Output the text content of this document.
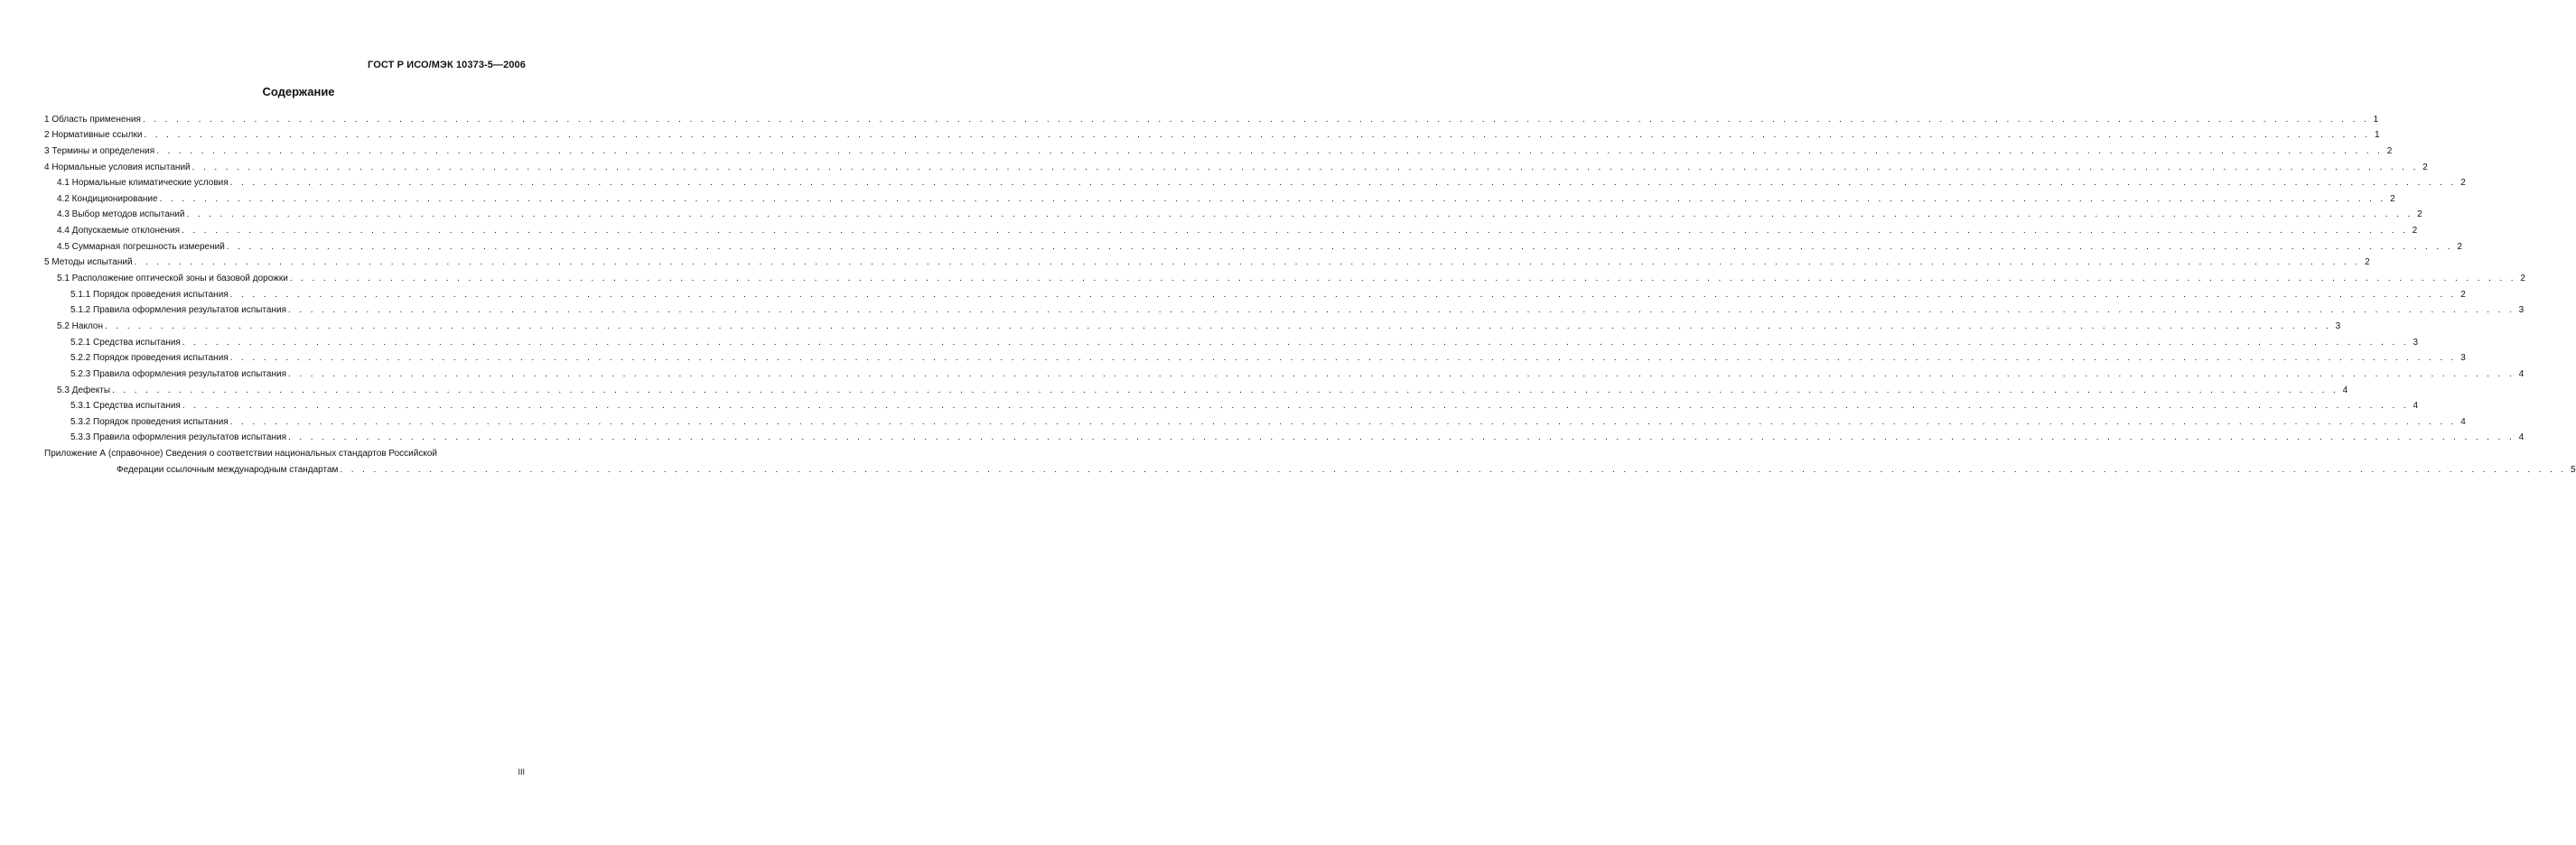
ГОСТ Р ИСО/МЭК 10373-5—2006
Содержание
1 Область применения . . . . . . . . . . . . . . . . . . . . . . . . . . . . . . . . . . . . . . . . . . . . . . . . . . . . . . . . . . . . . . . . . . . . . . . . . . . . . . . . . . . . . . . . . . . . . . . . . . . . . . . . . . . . . . . . . . . . . . . . . . . . . . . . . . . . . . . . . . . . . . . . . . . . . . . . . . . . . . . . . . . . . . . . . . . . . . . . . . . . . . . . . . . . . . . . . . . . . . . . 1
2 Нормативные ссылки . . . . . . . . . . . . . . . . . . . . . . . . . . . . . . . . . . . . . . . . . . . . . . . . . . . . . . . . . . . . . . . . . . . . . . . . . . . . . . . . . . . . . . . . . . . . . . . . . . . . . . . . . . . . . . . . . . . . . . . . . . . . . . . . . . . . . . . . . . . . . . . . . . . . . . . . . . . . . . . . . . . . . . . . . . . . . . . . . . . . . . . . . . . . . . . . . . . . . . . . 1
3 Термины и определения . . . . . . . . . . . . . . . . . . . . . . . . . . . . . . . . . . . . . . . . . . . . . . . . . . . . . . . . . . . . . . . . . . . . . . . . . . . . . . . . . . . . . . . . . . . . . . . . . . . . . . . . . . . . . . . . . . . . . . . . . . . . . . . . . . . . . . . . . . . . . . . . . . . . . . . . . . . . . . . . . . . . . . . . . . . . . . . . . . . . . . . . . . . . . . . . . . . . . . . . 2
4 Нормальные условия испытаний . . . . . . . . . . . . . . . . . . . . . . . . . . . . . . . . . . . . . . . . . . . . . . . . . . . . . . . . . . . . . . . . . . . . . . . . . . . . . . . . . . . . . . . . . . . . . . . . . . . . . . . . . . . . . . . . . . . . . . . . . . . . . . . . . . . . . . . . . . . . . . . . . . . . . . . . . . . . . . . . . . . . . . . . . . . . . . . . . . . . . . . . . . . . . . . . . . . . . . . . 2
4.1 Нормальные климатические условия . . . . . . . . . . . . . . . . . . . . . . . . . . . . . . . . . . . . . . . . . . . . . . . . . . . . . . . . . . . . . . . . . . . . . . . . . . . . . . . . . . . . . . . . . . . . . . . . . . . . . . . . . . . . . . . . . . . . . . . . . . . . . . . . . . . . . . . . . . . . . . . . . . . . . . . . . . . . . . . . . . . . . . . . . . . . . . . . . . . . . . . . . . . . . . . . . . . . . . . . 2
4.2 Кондиционирование . . . . . . . . . . . . . . . . . . . . . . . . . . . . . . . . . . . . . . . . . . . . . . . . . . . . . . . . . . . . . . . . . . . . . . . . . . . . . . . . . . . . . . . . . . . . . . . . . . . . . . . . . . . . . . . . . . . . . . . . . . . . . . . . . . . . . . . . . . . . . . . . . . . . . . . . . . . . . . . . . . . . . . . . . . . . . . . . . . . . . . . . . . . . . . . . . . . . . . . . 2
4.3 Выбор методов испытаний . . . . . . . . . . . . . . . . . . . . . . . . . . . . . . . . . . . . . . . . . . . . . . . . . . . . . . . . . . . . . . . . . . . . . . . . . . . . . . . . . . . . . . . . . . . . . . . . . . . . . . . . . . . . . . . . . . . . . . . . . . . . . . . . . . . . . . . . . . . . . . . . . . . . . . . . . . . . . . . . . . . . . . . . . . . . . . . . . . . . . . . . . . . . . . . . . . . . . . . . 2
4.4 Допускаемые отклонения . . . . . . . . . . . . . . . . . . . . . . . . . . . . . . . . . . . . . . . . . . . . . . . . . . . . . . . . . . . . . . . . . . . . . . . . . . . . . . . . . . . . . . . . . . . . . . . . . . . . . . . . . . . . . . . . . . . . . . . . . . . . . . . . . . . . . . . . . . . . . . . . . . . . . . . . . . . . . . . . . . . . . . . . . . . . . . . . . . . . . . . . . . . . . . . . . . . . . . . . 2
4.5 Суммарная погрешность измерений . . . . . . . . . . . . . . . . . . . . . . . . . . . . . . . . . . . . . . . . . . . . . . . . . . . . . . . . . . . . . . . . . . . . . . . . . . . . . . . . . . . . . . . . . . . . . . . . . . . . . . . . . . . . . . . . . . . . . . . . . . . . . . . . . . . . . . . . . . . . . . . . . . . . . . . . . . . . . . . . . . . . . . . . . . . . . . . . . . . . . . . . . . . . . . . . . . . . . . . . 2
5 Методы испытаний . . . . . . . . . . . . . . . . . . . . . . . . . . . . . . . . . . . . . . . . . . . . . . . . . . . . . . . . . . . . . . . . . . . . . . . . . . . . . . . . . . . . . . . . . . . . . . . . . . . . . . . . . . . . . . . . . . . . . . . . . . . . . . . . . . . . . . . . . . . . . . . . . . . . . . . . . . . . . . . . . . . . . . . . . . . . . . . . . . . . . . . . . . . . . . . . . . . . . . . . 2
5.1 Расположение оптической зоны и базовой дорожки . . . . . . . . . . . . . . . . . . . . . . . . . . . . . . . . . . . . . . . . . . . . . . . . . . . . . . . . . . . . . . . . . . . . . . . . . . . . . . . . . . . . . . . . . . . . . . . . . . . . . . . . . . . . . . . . . . . . . . . . . . . . . . . . . . . . . . . . . . . . . . . . . . . . . . . . . . . . . . . . . . . . . . . . . . . . . . . . . . . . . . . . . . . . . . . . . . . . . . . . 2
5.1.1 Порядок проведения испытания . . . . . . . . . . . . . . . . . . . . . . . . . . . . . . . . . . . . . . . . . . . . . . . . . . . . . . . . . . . . . . . . . . . . . . . . . . . . . . . . . . . . . . . . . . . . . . . . . . . . . . . . . . . . . . . . . . . . . . . . . . . . . . . . . . . . . . . . . . . . . . . . . . . . . . . . . . . . . . . . . . . . . . . . . . . . . . . . . . . . . . . . . . . . . . . . . . . . . . . . 2
5.1.2 Правила оформления результатов испытания . . . . . . . . . . . . . . . . . . . . . . . . . . . . . . . . . . . . . . . . . . . . . . . . . . . . . . . . . . . . . . . . . . . . . . . . . . . . . . . . . . . . . . . . . . . . . . . . . . . . . . . . . . . . . . . . . . . . . . . . . . . . . . . . . . . . . . . . . . . . . . . . . . . . . . . . . . . . . . . . . . . . . . . . . . . . . . . . . . . . . . . . . . . . . . . . . . . . . . . . 3
5.2 Наклон . . . . . . . . . . . . . . . . . . . . . . . . . . . . . . . . . . . . . . . . . . . . . . . . . . . . . . . . . . . . . . . . . . . . . . . . . . . . . . . . . . . . . . . . . . . . . . . . . . . . . . . . . . . . . . . . . . . . . . . . . . . . . . . . . . . . . . . . . . . . . . . . . . . . . . . . . . . . . . . . . . . . . . . . . . . . . . . . . . . . . . . . . . . . . . . . . . . . . . . . 3
5.2.1 Средства испытания . . . . . . . . . . . . . . . . . . . . . . . . . . . . . . . . . . . . . . . . . . . . . . . . . . . . . . . . . . . . . . . . . . . . . . . . . . . . . . . . . . . . . . . . . . . . . . . . . . . . . . . . . . . . . . . . . . . . . . . . . . . . . . . . . . . . . . . . . . . . . . . . . . . . . . . . . . . . . . . . . . . . . . . . . . . . . . . . . . . . . . . . . . . . . . . . . . . . . . . . 3
5.2.2 Порядок проведения испытания . . . . . . . . . . . . . . . . . . . . . . . . . . . . . . . . . . . . . . . . . . . . . . . . . . . . . . . . . . . . . . . . . . . . . . . . . . . . . . . . . . . . . . . . . . . . . . . . . . . . . . . . . . . . . . . . . . . . . . . . . . . . . . . . . . . . . . . . . . . . . . . . . . . . . . . . . . . . . . . . . . . . . . . . . . . . . . . . . . . . . . . . . . . . . . . . . . . . . . . . 3
5.2.3 Правила оформления результатов испытания . . . . . . . . . . . . . . . . . . . . . . . . . . . . . . . . . . . . . . . . . . . . . . . . . . . . . . . . . . . . . . . . . . . . . . . . . . . . . . . . . . . . . . . . . . . . . . . . . . . . . . . . . . . . . . . . . . . . . . . . . . . . . . . . . . . . . . . . . . . . . . . . . . . . . . . . . . . . . . . . . . . . . . . . . . . . . . . . . . . . . . . . . . . . . . . . . . . . . . . . 4
5.3 Дефекты . . . . . . . . . . . . . . . . . . . . . . . . . . . . . . . . . . . . . . . . . . . . . . . . . . . . . . . . . . . . . . . . . . . . . . . . . . . . . . . . . . . . . . . . . . . . . . . . . . . . . . . . . . . . . . . . . . . . . . . . . . . . . . . . . . . . . . . . . . . . . . . . . . . . . . . . . . . . . . . . . . . . . . . . . . . . . . . . . . . . . . . . . . . . . . . . . . . . . . . . 4
5.3.1 Средства испытания . . . . . . . . . . . . . . . . . . . . . . . . . . . . . . . . . . . . . . . . . . . . . . . . . . . . . . . . . . . . . . . . . . . . . . . . . . . . . . . . . . . . . . . . . . . . . . . . . . . . . . . . . . . . . . . . . . . . . . . . . . . . . . . . . . . . . . . . . . . . . . . . . . . . . . . . . . . . . . . . . . . . . . . . . . . . . . . . . . . . . . . . . . . . . . . . . . . . . . . . 4
5.3.2 Порядок проведения испытания . . . . . . . . . . . . . . . . . . . . . . . . . . . . . . . . . . . . . . . . . . . . . . . . . . . . . . . . . . . . . . . . . . . . . . . . . . . . . . . . . . . . . . . . . . . . . . . . . . . . . . . . . . . . . . . . . . . . . . . . . . . . . . . . . . . . . . . . . . . . . . . . . . . . . . . . . . . . . . . . . . . . . . . . . . . . . . . . . . . . . . . . . . . . . . . . . . . . . . . . 4
5.3.3 Правила оформления результатов испытания . . . . . . . . . . . . . . . . . . . . . . . . . . . . . . . . . . . . . . . . . . . . . . . . . . . . . . . . . . . . . . . . . . . . . . . . . . . . . . . . . . . . . . . . . . . . . . . . . . . . . . . . . . . . . . . . . . . . . . . . . . . . . . . . . . . . . . . . . . . . . . . . . . . . . . . . . . . . . . . . . . . . . . . . . . . . . . . . . . . . . . . . . . . . . . . . . . . . . . . . 4
Приложение А (справочное) Сведения о соответствии национальных стандартов Российской
Федерации ссылочным международным стандартам . . . . . . . . . . . . . . . . . . . . . . . . . . . . . . . . . . . . . . . . . . . . . . . . . . . . . . . . . . . . . . . . . . . . . . . . . . . . . . . . . . . . . . . . . . . . . . . . . . . . . . . . . . . . . . . . . . . . . . . . . . . . . . . . . . . . . . . . . . . . . . . . . . . . . . . . . . . . . . . . . . . . . . . . . . . . . . . . . . . . . . . . . . . . . . . . . . . . . . . . 5
III
